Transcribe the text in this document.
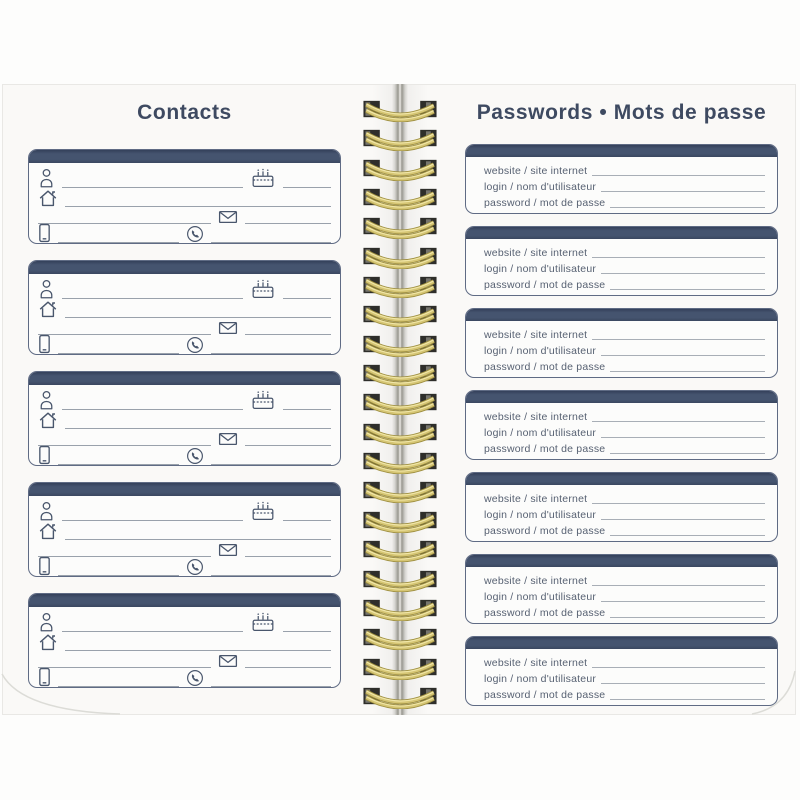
Contacts	Passwords • Mots de passe
website / site internet
login / nom d'utilisateur
password / mot de passe
website / site internet
login / nom d'utilisateur
password / mot de passe
website / site internet
login / nom d'utilisateur
password / mot de passe
website / site internet
login / nom d'utilisateur
password / mot de passe
website / site internet
login / nom d'utilisateur
password / mot de passe
website / site internet
login / nom d'utilisateur
password / mot de passe
website / site internet
login / nom d'utilisateur
password / mot de passe
